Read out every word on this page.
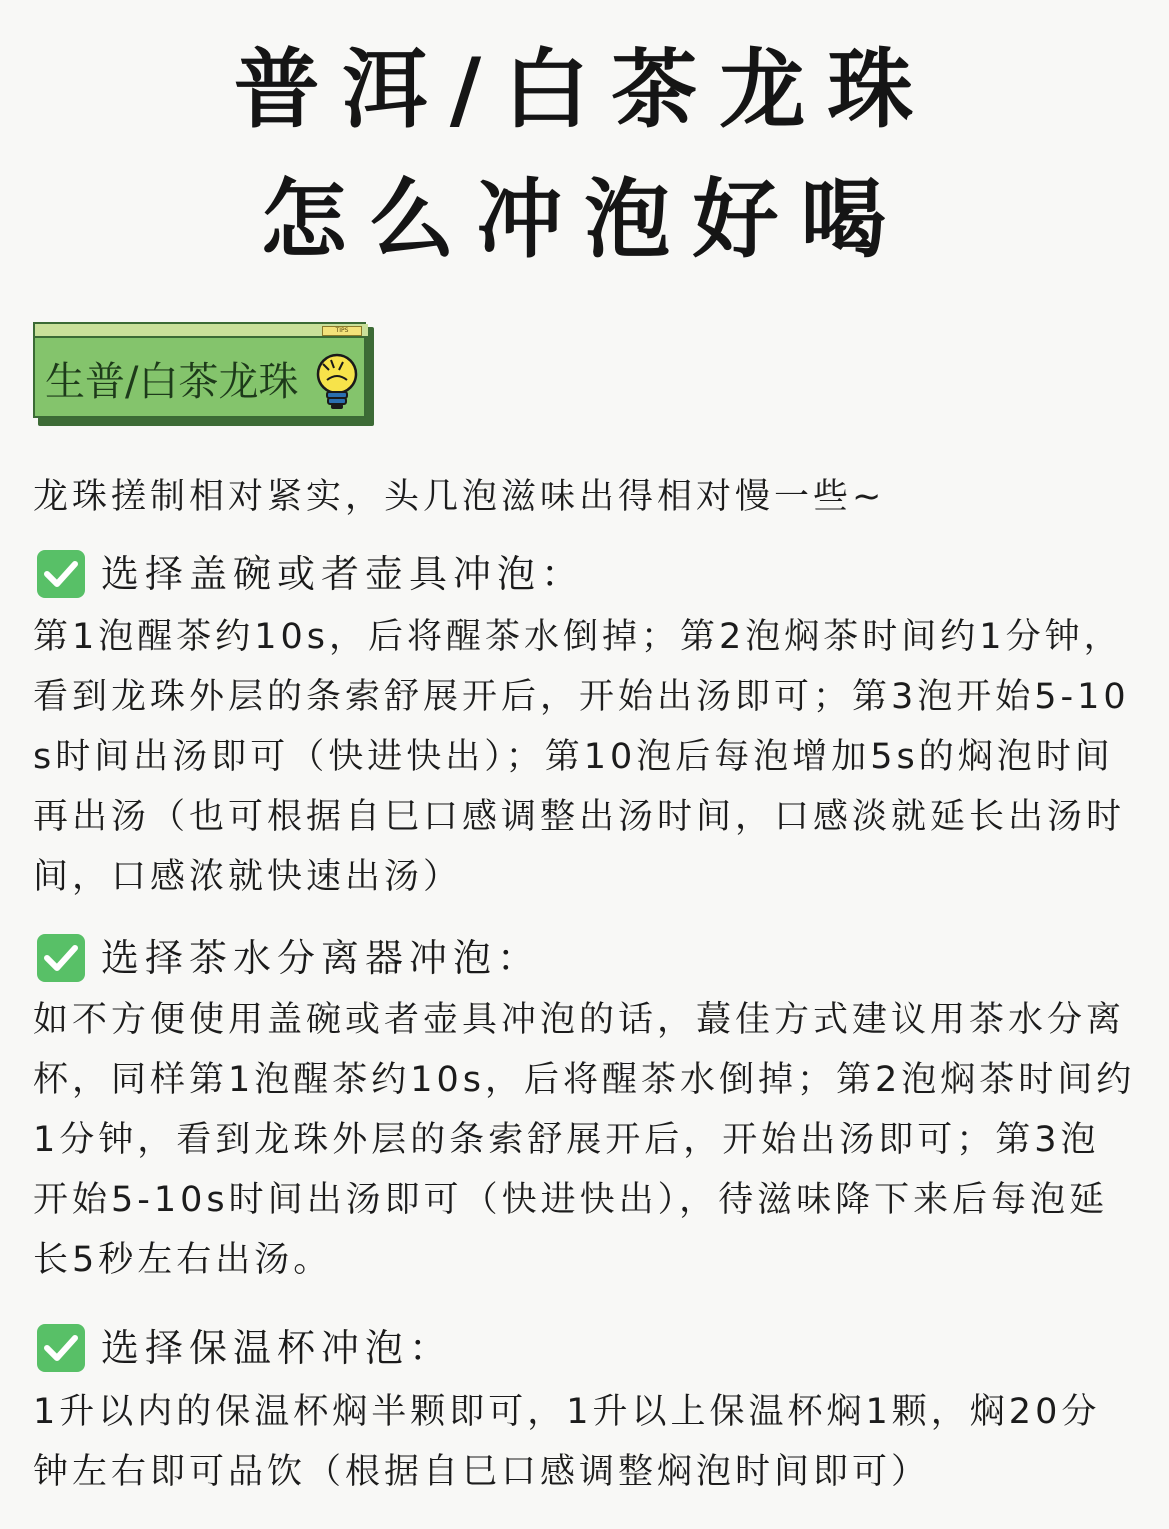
普洱/白茶龙珠
怎么冲泡好喝
TIPS
生普/白茶龙珠
龙珠搓制相对紧实，头几泡滋味出得相对慢一些~
选择盖碗或者壶具冲泡：
第1泡醒茶约10s，后将醒茶水倒掉；第2泡焖茶时间约1分钟，看到龙珠外层的条索舒展开后，开始出汤即可；第3泡开始5-10s时间出汤即可（快进快出）；第10泡后每泡增加5s的焖泡时间再出汤（也可根据自巳口感调整出汤时间，口感淡就延长出汤时间，口感浓就快速出汤）
选择茶水分离器冲泡：
如不方便使用盖碗或者壶具冲泡的话，蕞佳方式建议用茶水分离杯，同样第1泡醒茶约10s，后将醒茶水倒掉；第2泡焖茶时间约1分钟，看到龙珠外层的条索舒展开后，开始出汤即可；第3泡开始5-10s时间出汤即可（快进快出），待滋味降下来后每泡延长5秒左右出汤。
选择保温杯冲泡：
1升以内的保温杯焖半颗即可，1升以上保温杯焖1颗，焖20分钟左右即可品饮（根据自巳口感调整焖泡时间即可）
